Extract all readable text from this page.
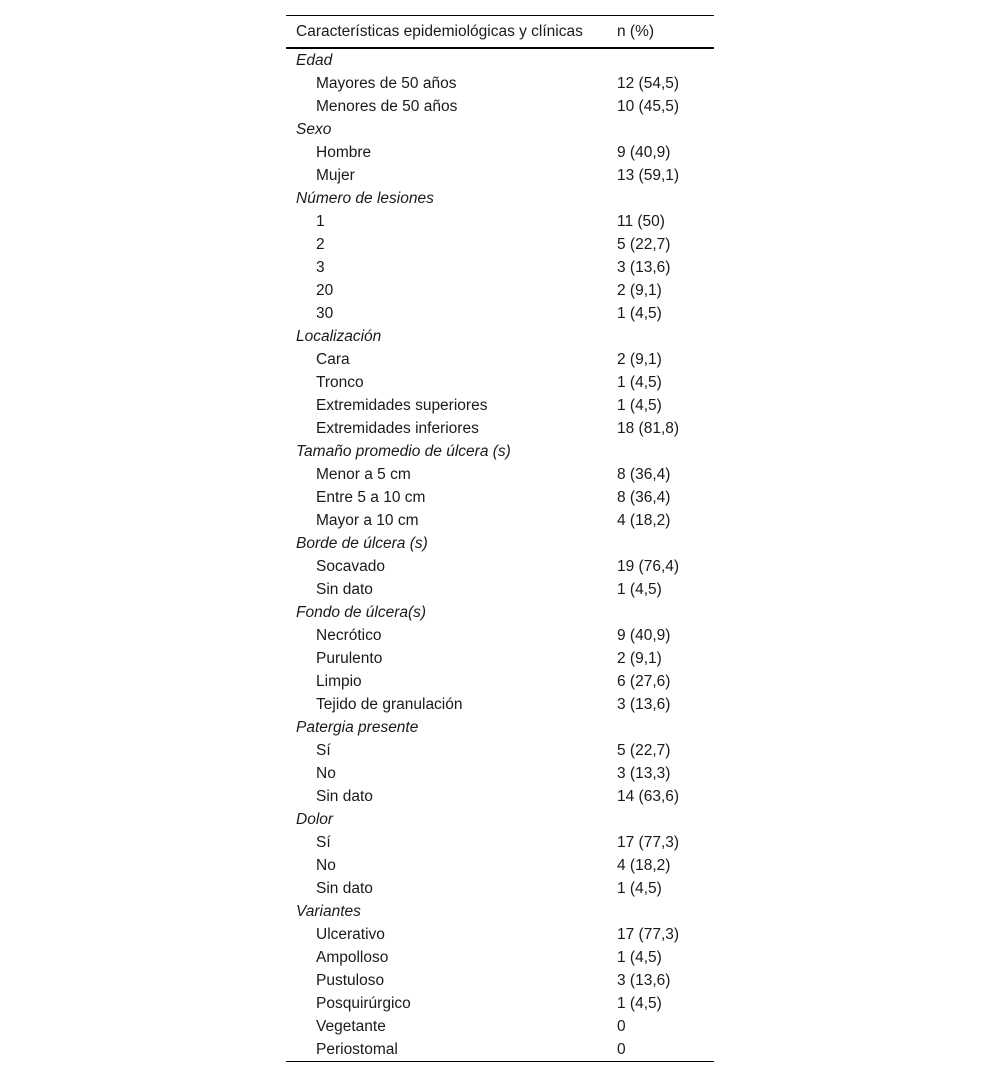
Características epidemiológicas y clínicas	n (%)
Edad	
Mayores de 50 años	12 (54,5)
Menores de 50 años	10 (45,5)
Sexo	
Hombre	9 (40,9)
Mujer	13 (59,1)
Número de lesiones	
1	11 (50)
2	5 (22,7)
3	3 (13,6)
20	2 (9,1)
30	1 (4,5)
Localización	
Cara	2 (9,1)
Tronco	1 (4,5)
Extremidades superiores	1 (4,5)
Extremidades inferiores	18 (81,8)
Tamaño promedio de úlcera (s)	
Menor a 5 cm	8 (36,4)
Entre 5 a 10 cm	8 (36,4)
Mayor a 10 cm	4 (18,2)
Borde de úlcera (s)	
Socavado	19 (76,4)
Sin dato	1 (4,5)
Fondo de úlcera(s)	
Necrótico	9 (40,9)
Purulento	2 (9,1)
Limpio	6 (27,6)
Tejido de granulación	3 (13,6)
Patergia presente	
Sí	5 (22,7)
No	3 (13,3)
Sin dato	14 (63,6)
Dolor	
Sí	17 (77,3)
No	4 (18,2)
Sin dato	1 (4,5)
Variantes	
Ulcerativo	17 (77,3)
Ampolloso	1 (4,5)
Pustuloso	3 (13,6)
Posquirúrgico	1 (4,5)
Vegetante	0
Periostomal	0
